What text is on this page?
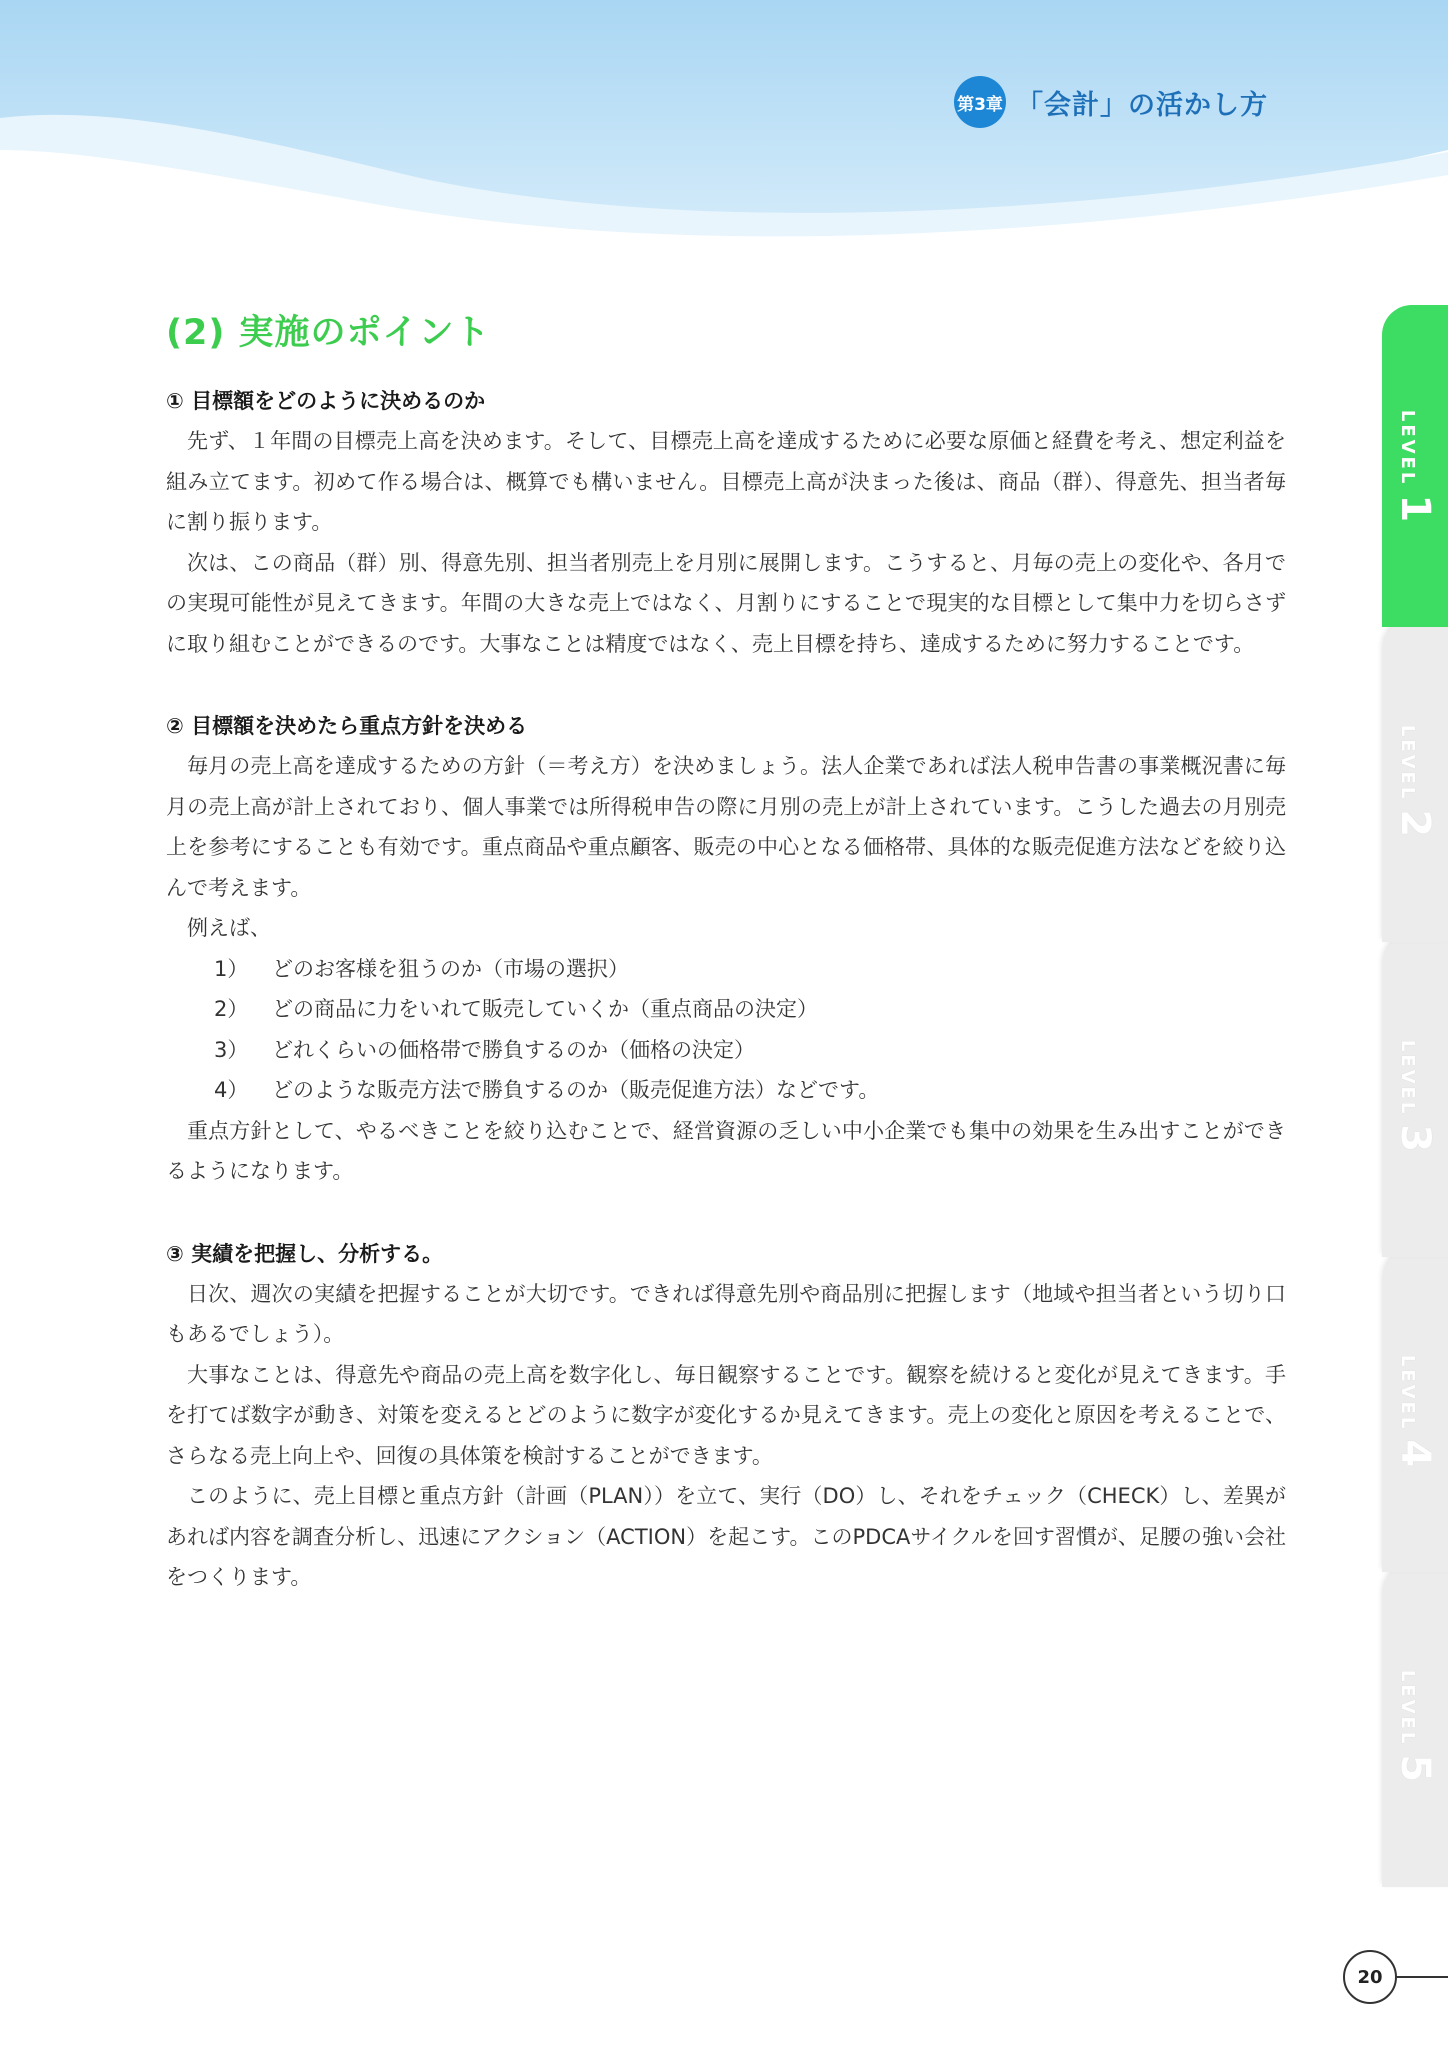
第3章 「会計」の活かし方
(2) 実施のポイント
① 目標額をどのように決めるのか

先ず、１年間の目標売上高を決めます。そして、目標売上高を達成するために必要な原価と経費を考え、想定利益を組み立てます。初めて作る場合は、概算でも構いません。目標売上高が決まった後は、商品（群）、得意先、担当者毎に割り振ります。

次は、この商品（群）別、得意先別、担当者別売上を月別に展開します。こうすると、月毎の売上の変化や、各月での実現可能性が見えてきます。年間の大きな売上ではなく、月割りにすることで現実的な目標として集中力を切らさずに取り組むことができるのです。大事なことは精度ではなく、売上目標を持ち、達成するために努力することです。

② 目標額を決めたら重点方針を決める

毎月の売上高を達成するための方針（＝考え方）を決めましょう。法人企業であれば法人税申告書の事業概況書に毎月の売上高が計上されており、個人事業では所得税申告の際に月別の売上が計上されています。こうした過去の月別売上を参考にすることも有効です。重点商品や重点顧客、販売の中心となる価格帯、具体的な販売促進方法などを絞り込んで考えます。

例えば、

1）	どのお客様を狙うのか（市場の選択）
2）	どの商品に力をいれて販売していくか（重点商品の決定）
3）	どれくらいの価格帯で勝負するのか（価格の決定）
4）	どのような販売方法で勝負するのか（販売促進方法）などです。

重点方針として、やるべきことを絞り込むことで、経営資源の乏しい中小企業でも集中の効果を生み出すことができるようになります。

③ 実績を把握し、分析する。

日次、週次の実績を把握することが大切です。できれば得意先別や商品別に把握します（地域や担当者という切り口もあるでしょう）。

大事なことは、得意先や商品の売上高を数字化し、毎日観察することです。観察を続けると変化が見えてきます。手を打てば数字が動き、対策を変えるとどのように数字が変化するか見えてきます。売上の変化と原因を考えることで、さらなる売上向上や、回復の具体策を検討することができます。

このように、売上目標と重点方針（計画（PLAN））を立て、実行（DO）し、それをチェック（CHECK）し、差異があれば内容を調査分析し、迅速にアクション（ACTION）を起こす。このPDCAサイクルを回す習慣が、足腰の強い会社をつくります。

LEVEL
5
LEVEL
4
LEVEL
3
LEVEL
2
LEVEL
1
20
